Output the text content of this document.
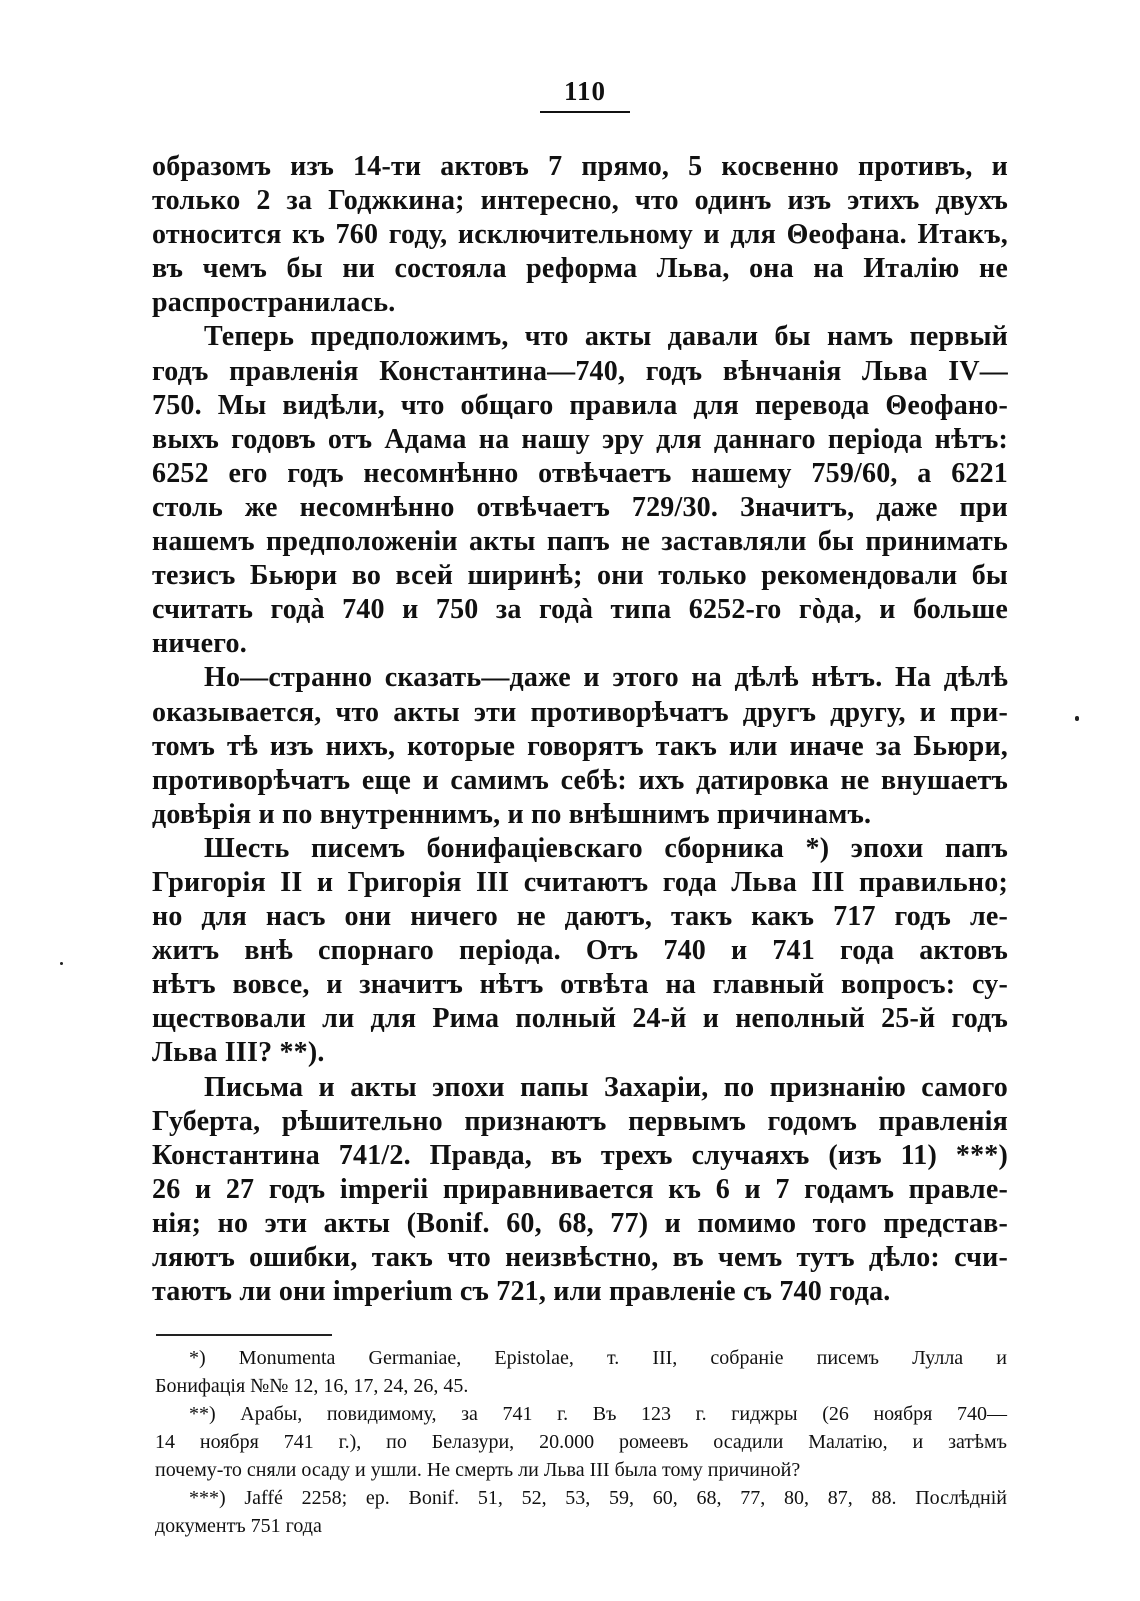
110
образомъ изъ 14-ти актовъ 7 прямо, 5 косвенно противъ, и
только 2 за Годжкина; интересно, что одинъ изъ этихъ двухъ
относится къ 760 году, исключительному и для Θеофана. Итакъ,
въ чемъ бы ни состояла реформа Льва, она на Италію не
распространилась.
Теперь предположимъ, что акты давали бы намъ первый
годъ правленія Константина—740, годъ вѣнчанія Льва IV—
750. Мы видѣли, что общаго правила для перевода Θеофано-
выхъ годовъ отъ Адама на нашу эру для даннаго періода нѣтъ:
6252 его годъ несомнѣнно отвѣчаетъ нашему 759/60, а 6221
столь же несомнѣнно отвѣчаетъ 729/30. Значитъ, даже при
нашемъ предположеніи акты папъ не заставляли бы принимать
тезисъ Бьюри во всей ширинѣ; они только рекомендовали бы
считать годà 740 и 750 за годà типа 6252-го гòда, и больше
ничего.
Но—странно сказать—даже и этого на дѣлѣ нѣтъ. На дѣлѣ
оказывается, что акты эти противорѣчатъ другъ другу, и при-
томъ тѣ изъ нихъ, которые говорятъ такъ или иначе за Бьюри,
противорѣчатъ еще и самимъ себѣ: ихъ датировка не внушаетъ
довѣрія и по внутреннимъ, и по внѣшнимъ причинамъ.
Шесть писемъ бонифаціевскаго сборника *) эпохи папъ
Григорія II и Григорія III считаютъ года Льва III правильно;
но для насъ они ничего не даютъ, такъ какъ 717 годъ ле-
житъ внѣ спорнаго періода. Отъ 740 и 741 года актовъ
нѣтъ вовсе, и значитъ нѣтъ отвѣта на главный вопросъ: су-
ществовали ли для Рима полный 24-й и неполный 25-й годъ
Льва III? **).
Письма и акты эпохи папы Захаріи, по признанію самого
Губерта, рѣшительно признаютъ первымъ годомъ правленія
Константина 741/2. Правда, въ трехъ случаяхъ (изъ 11) ***)
26 и 27 годъ imperii приравнивается къ 6 и 7 годамъ правле-
нія; но эти акты (Bonif. 60, 68, 77) и помимо того представ-
ляютъ ошибки, такъ что неизвѣстно, въ чемъ тутъ дѣло: счи-
таютъ ли они imperium съ 721, или правленіе съ 740 года.
*) Monumenta Germaniae, Epistolae, т. III, собраніе писемъ Лулла и
Бонифація №№ 12, 16, 17, 24, 26, 45.
**) Арабы, повидимому, за 741 г. Въ 123 г. гиджры (26 ноября 740—
14 ноября 741 г.), по Белазури, 20.000 ромеевъ осадили Малатію, и затѣмъ
почему-то сняли осаду и ушли. Не смерть ли Льва III была тому причиной?
***) Jaffé 2258; ep. Bonif. 51, 52, 53, 59, 60, 68, 77, 80, 87, 88. Послѣдній
документъ 751 года
